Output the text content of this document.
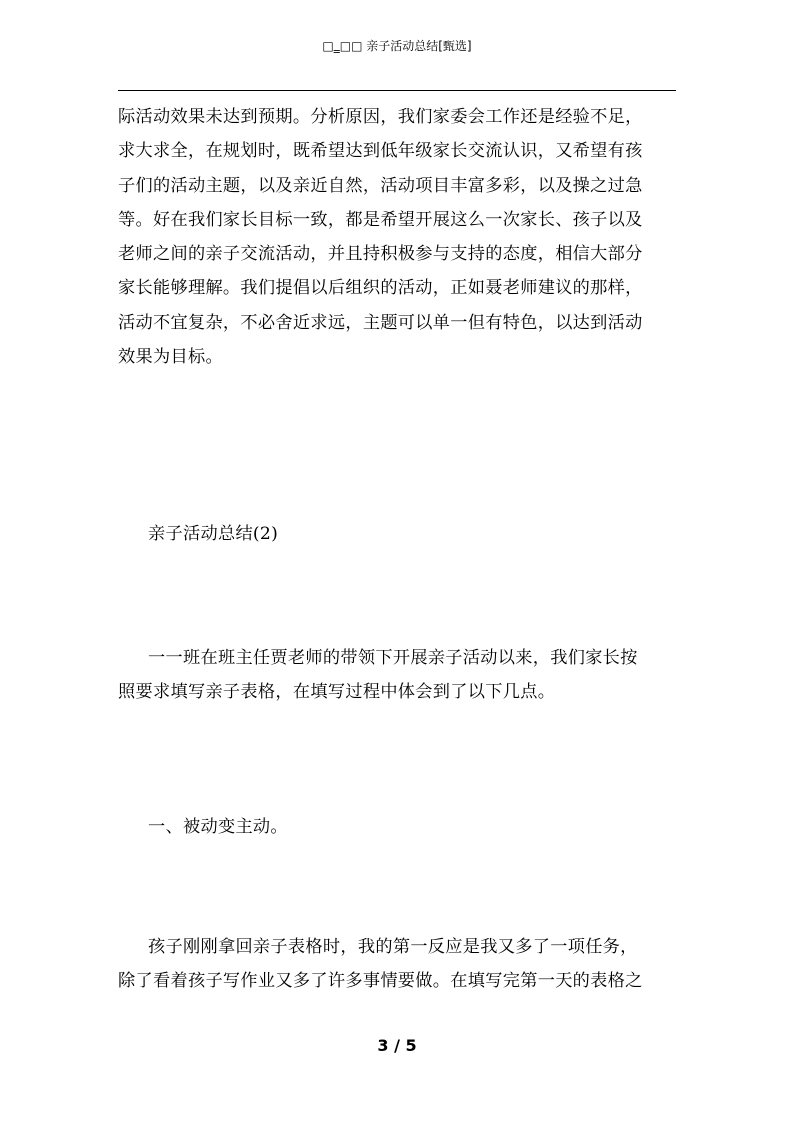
□‗□□ 亲子活动总结[甄选]
际活动效果未达到预期。分析原因，我们家委会工作还是经验不足，
求大求全，在规划时，既希望达到低年级家长交流认识，又希望有孩
子们的活动主题，以及亲近自然，活动项目丰富多彩，以及操之过急
等。好在我们家长目标一致，都是希望开展这么一次家长、孩子以及
老师之间的亲子交流活动，并且持积极参与支持的态度，相信大部分
家长能够理解。我们提倡以后组织的活动，正如聂老师建议的那样，
活动不宜复杂，不必舍近求远，主题可以单一但有特色，以达到活动
效果为目标。
亲子活动总结(2)
一一班在班主任贾老师的带领下开展亲子活动以来，我们家长按
照要求填写亲子表格，在填写过程中体会到了以下几点。
一、被动变主动。
孩子刚刚拿回亲子表格时，我的第一反应是我又多了一项任务，
除了看着孩子写作业又多了许多事情要做。在填写完第一天的表格之
3 / 5
